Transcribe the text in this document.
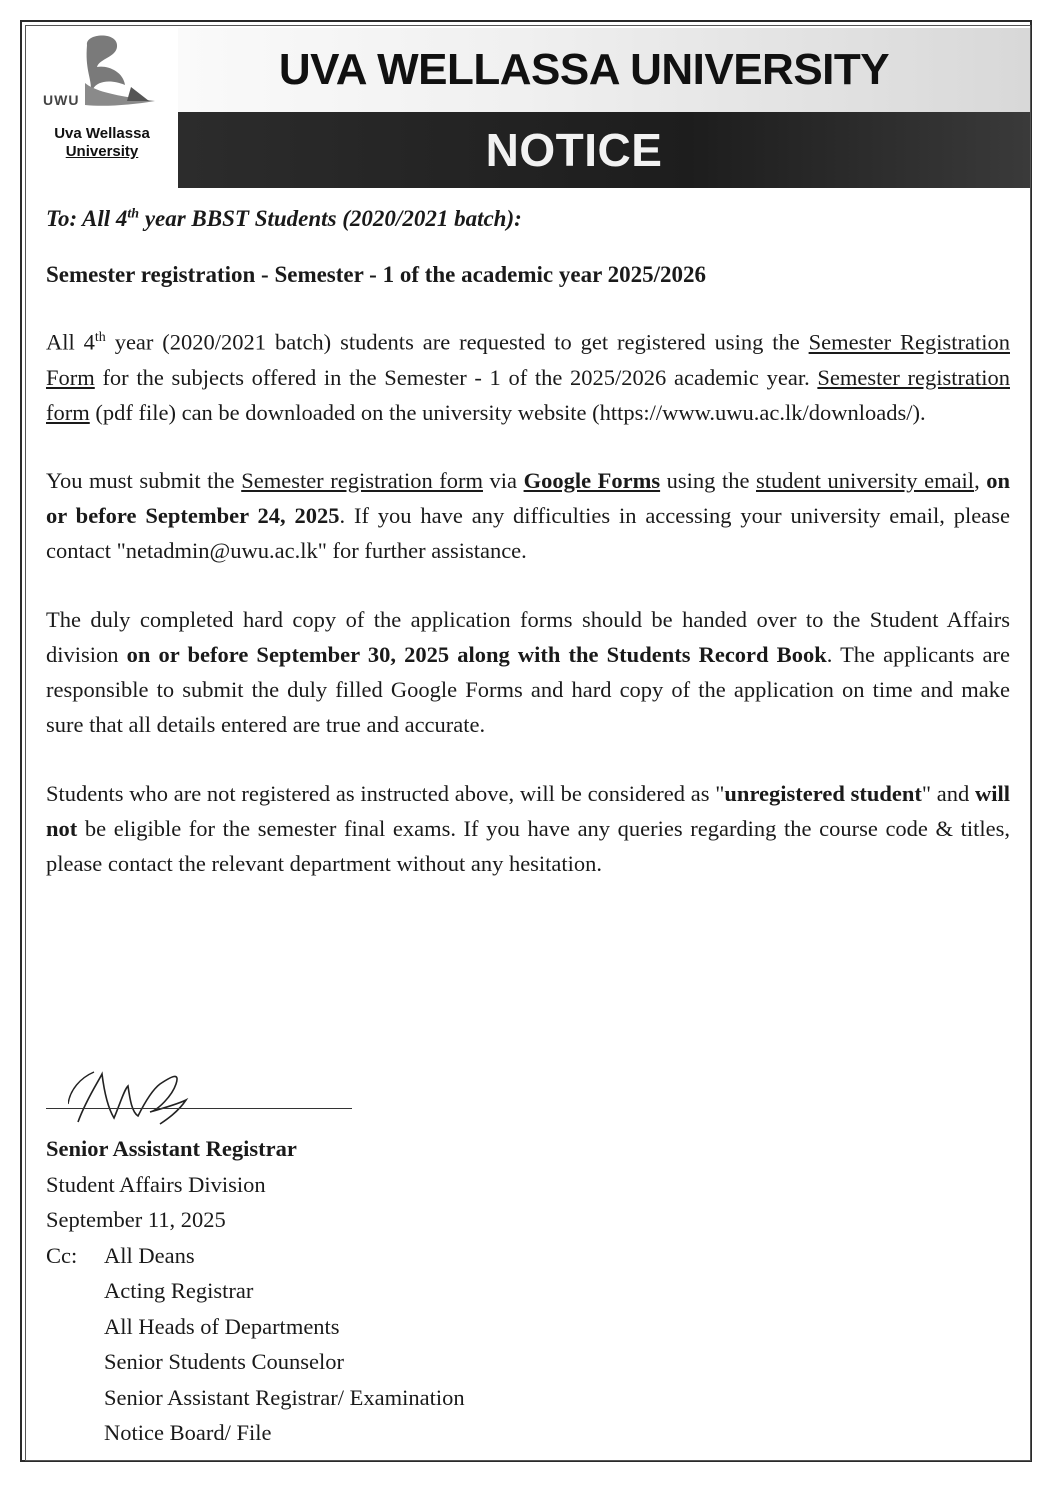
UWU
Uva Wellassa
University
UVA WELLASSA UNIVERSITY
NOTICE
To: All 4th year BBST Students (2020/2021 batch):
Semester registration - Semester - 1 of the academic year 2025/2026

All 4th year (2020/2021 batch) students are requested to get registered using the Semester Registration Form for the subjects offered in the Semester - 1 of the 2025/2026 academic year. Semester registration form (pdf file) can be downloaded on the university website (https://www.uwu.ac.lk/downloads/).

You must submit the Semester registration form via Google Forms using the student university email, on or before September 24, 2025. If you have any difficulties in accessing your university email, please contact "netadmin@uwu.ac.lk" for further assistance.

The duly completed hard copy of the application forms should be handed over to the Student Affairs division on or before September 30, 2025 along with the Students Record Book. The applicants are responsible to submit the duly filled Google Forms and hard copy of the application on time and make sure that all details entered are true and accurate.

Students who are not registered as instructed above, will be considered as "unregistered student" and will not be eligible for the semester final exams. If you have any queries regarding the course code & titles, please contact the relevant department without any hesitation.

Senior Assistant Registrar
Student Affairs Division
September 11, 2025
Cc:	All Deans
Acting Registrar
All Heads of Departments
Senior Students Counselor
Senior Assistant Registrar/ Examination
Notice Board/ File
